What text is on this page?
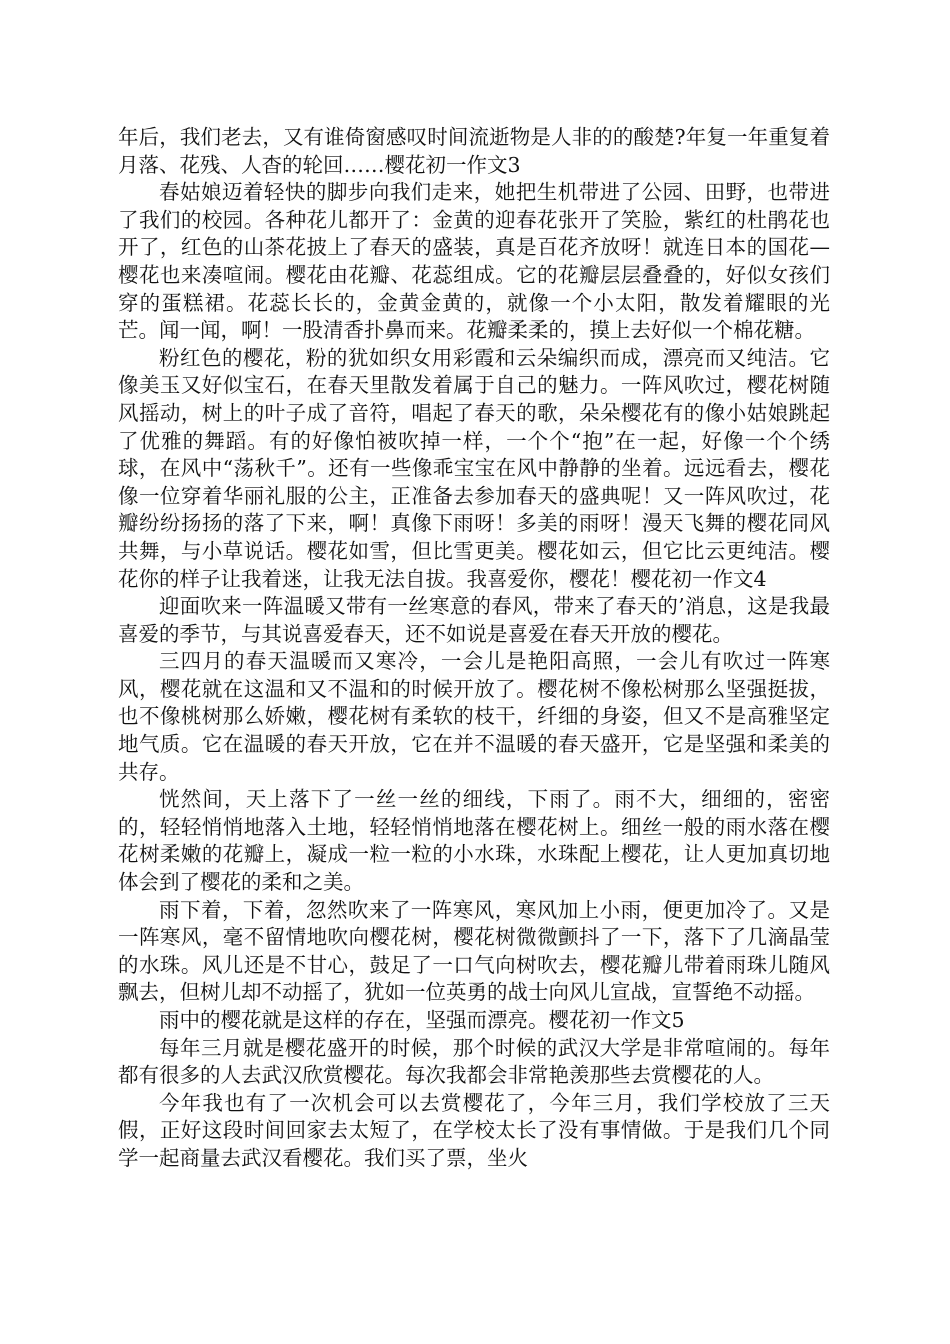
年后，我们老去，又有谁倚窗感叹时间流逝物是人非的的酸楚?年复一年重复着月落、花残、人杳的轮回……樱花初一作文3

春姑娘迈着轻快的脚步向我们走来，她把生机带进了公园、田野，也带进了我们的校园。各种花儿都开了：金黄的迎春花张开了笑脸，紫红的杜鹃花也开了，红色的山茶花披上了春天的盛装，真是百花齐放呀！就连日本的国花—樱花也来凑喧闹。樱花由花瓣、花蕊组成。它的花瓣层层叠叠的，好似女孩们穿的蛋糕裙。花蕊长长的，金黄金黄的，就像一个小太阳，散发着耀眼的光芒。闻一闻，啊！一股清香扑鼻而来。花瓣柔柔的，摸上去好似一个棉花糖。

粉红色的樱花，粉的犹如织女用彩霞和云朵编织而成，漂亮而又纯洁。它像美玉又好似宝石，在春天里散发着属于自己的魅力。一阵风吹过，樱花树随风摇动，树上的叶子成了音符，唱起了春天的歌，朵朵樱花有的像小姑娘跳起了优雅的舞蹈。有的好像怕被吹掉一样，一个个“抱”在一起，好像一个个绣球，在风中“荡秋千”。还有一些像乖宝宝在风中静静的坐着。远远看去，樱花像一位穿着华丽礼服的公主，正准备去参加春天的盛典呢！又一阵风吹过，花瓣纷纷扬扬的落了下来，啊！真像下雨呀！多美的雨呀！漫天飞舞的樱花同风共舞，与小草说话。樱花如雪，但比雪更美。樱花如云，但它比云更纯洁。樱花你的样子让我着迷，让我无法自拔。我喜爱你，樱花！樱花初一作文4

迎面吹来一阵温暖又带有一丝寒意的春风，带来了春天的’消息，这是我最喜爱的季节，与其说喜爱春天，还不如说是喜爱在春天开放的樱花。

三四月的春天温暖而又寒冷，一会儿是艳阳高照，一会儿有吹过一阵寒风，樱花就在这温和又不温和的时候开放了。樱花树不像松树那么坚强挺拔，也不像桃树那么娇嫩，樱花树有柔软的枝干，纤细的身姿，但又不是高雅坚定地气质。它在温暖的春天开放，它在并不温暖的春天盛开，它是坚强和柔美的共存。

恍然间，天上落下了一丝一丝的细线，下雨了。雨不大，细细的，密密的，轻轻悄悄地落入土地，轻轻悄悄地落在樱花树上。细丝一般的雨水落在樱花树柔嫩的花瓣上，凝成一粒一粒的小水珠，水珠配上樱花，让人更加真切地体会到了樱花的柔和之美。

雨下着，下着，忽然吹来了一阵寒风，寒风加上小雨，便更加冷了。又是一阵寒风，毫不留情地吹向樱花树，樱花树微微颤抖了一下，落下了几滴晶莹的水珠。风儿还是不甘心，鼓足了一口气向树吹去，樱花瓣儿带着雨珠儿随风飘去，但树儿却不动摇了，犹如一位英勇的战士向风儿宣战，宣誓绝不动摇。

雨中的樱花就是这样的存在，坚强而漂亮。樱花初一作文5

每年三月就是樱花盛开的时候，那个时候的武汉大学是非常喧闹的。每年都有很多的人去武汉欣赏樱花。每次我都会非常艳羡那些去赏樱花的人。

今年我也有了一次机会可以去赏樱花了，今年三月，我们学校放了三天假，正好这段时间回家去太短了，在学校太长了没有事情做。于是我们几个同学一起商量去武汉看樱花。我们买了票，坐火
